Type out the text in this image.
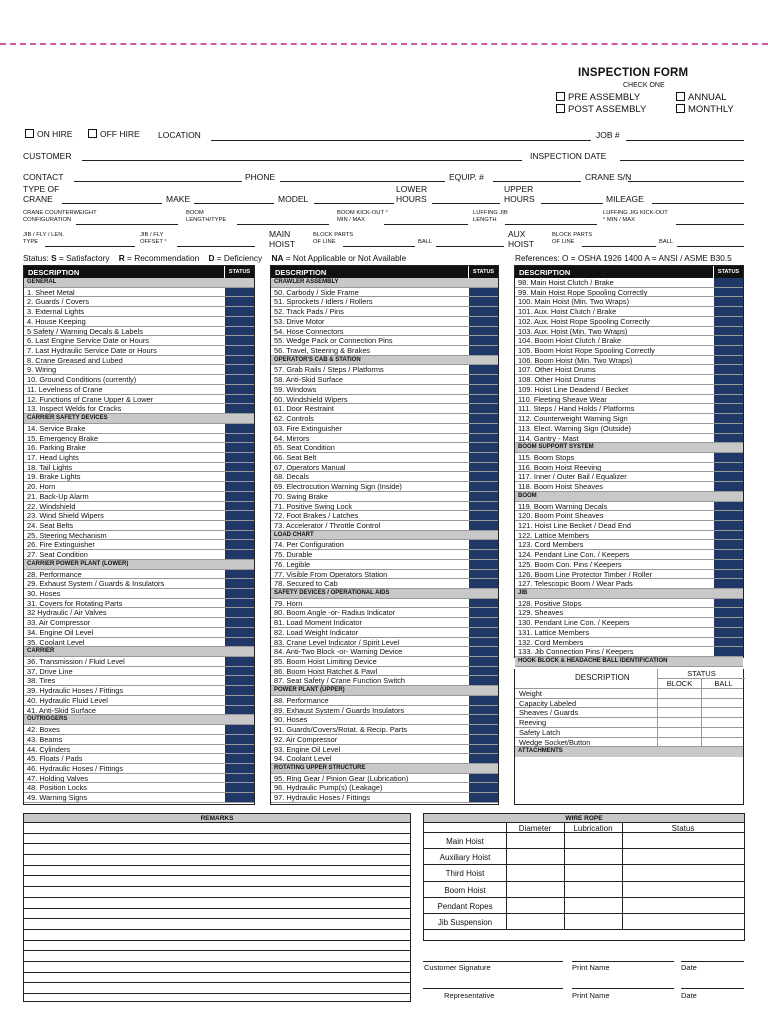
INSPECTION FORM
CHECK ONE
PRE ASSEMBLY	ANNUAL
POST ASSEMBLY	MONTHLY
ON HIRE	OFF HIRE LOCATION	JOB #
CUSTOMER	INSPECTION DATE
CONTACT	PHONE	EQUIP. #	CRANE S/N
TYPE OF
CRANE	MAKE	MODEL
LOWER
HOURS
UPPER
HOURS	MILEAGE
CRANE COUNTERWEIGHT
CONFIGURATION
BOOM
LENGTH/TYPE
BOOM KICK-OUT °
MIN / MAX
LUFFING JIB
LENGTH
LUFFING JIG KICK-OUT
° MIN / MAX
JIB / FLY / LEN.
TYPE
JIB / FLY
OFFSET °
MAIN
HOIST
BLOCK PARTS
OF LINE	BALL
AUX
HOIST
BLOCK PARTS
OF LINE	BALL
Status: S = Satisfactory R = Recommendation D = Deficiency NA = Not Applicable or Not Available	References: O = OSHA 1926 1400 A = ANSI / ASME B30.5
DESCRIPTION	STATUS
GENERAL
1. Sheet Metal
2. Guards / Covers
3. External Lights
4. House Keeping
5 Safety / Warning Decals & Labels
6. Last Engine Service Date or Hours
7. Last Hydraulic Service Date or Hours
8. Crane Greased and Lubed
9. Wiring
10. Ground Conditions (currently)
11. Levelness of Crane
12. Functions of Crane Upper & Lower
13. Inspect Welds for Cracks
CARRIER SAFETY DEVICES
14. Service Brake
15. Emergency Brake
16. Parking Brake
17. Head Lights
18. Tail Lights
19. Brake Lights
20. Horn
21. Back-Up Alarm
22. Windshield
23. Wind Shield Wipers
24. Seat Belts
25. Steering Mechanism
26. Fire Extinguisher
27. Seat Condition
CARRIER POWER PLANT (LOWER)
28. Performance
29. Exhaust System / Guards & Insulators
30. Hoses
31. Covers for Rotating Parts
32 Hydraulic / Air Valves
33. Air Compressor
34. Engine Oil Level
35. Coolant Level
CARRIER
36. Transmission / Fluid Level
37. Drive Line
38. Tires
39. Hydraulic Hoses / Fittings
40. Hydraulic Fluid Level
41. Anti-Skid Surface
OUTRIGGERS
42. Boxes
43. Beams
44. Cylinders
45. Floats / Pads
46. Hydraulic Hoses / Fittings
47. Holding Valves
48. Position Locks
49. Warning Signs
DESCRIPTION	STATUS
CRAWLER ASSEMBLY
50. Carbody / Side Frame
51. Sprockets / Idlers / Rollers
52. Track Pads / Pins
53. Drive Motor
54. Hose Connectors
55. Wedge Pack or Connection Pins
56. Travel, Steering & Brakes
OPERATOR'S CAB & STATION
57. Grab Rails / Steps / Platforms
58. Anti-Skid Surface
59. Windows
60. Windshield Wipers
61. Door Restraint
62. Controls
63. Fire Extinguisher
64. Mirrors
65. Seat Condition
66. Seat Belt
67. Operators Manual
68. Decals
69. Electrocution Warning Sign (Inside)
70. Swing Brake
71. Positive Swing Lock
72. Foot Brakes / Latches
73. Accelerator / Throttle Control
LOAD CHART
74. Per Configuration
75. Durable
76. Legible
77. Visible From Operators Station
78. Secured to Cab
SAFETY DEVICES / OPERATIONAL AIDS
79. Horn
80. Boom Angle -or- Radius Indicator
81. Load Moment Indicator
82. Load Weight Indicator
83. Crane Level Indicator / Spirit Level
84. Anti-Two Block -or- Warning Device
85. Boom Hoist Limiting Device
86. Boom Hoist Ratchet & Pawl
87. Seat Safety / Crane Function Switch
POWER PLANT (UPPER)
88. Performance
89. Exhaust System / Guards Insulators
90. Hoses
91. Guards/Covers/Rotat. & Recip. Parts
92. Air Compressor
93. Engine Oil Level
94. Coolant Level
ROTATING UPPER STRUCTURE
95. Ring Gear / Pinion Gear (Lubrication)
96. Hydraulic Pump(s) (Leakage)
97. Hydraulic Hoses / Fittings
DESCRIPTION	STATUS
98. Main Hoist Clutch / Brake
99. Main Hoist Rope Spooling Correctly
100. Main Hoist (Min. Two Wraps)
101. Aux. Hoist Clutch / Brake
102. Aux. Hoist Rope Spooling Correctly
103. Aux. Hoist (Min. Two Wraps)
104. Boom Hoist Clutch / Brake
105. Boom Hoist Rope Spooling Correctly
106. Boom Hoist (Min. Two Wraps)
107. Other Hoist Drums
108. Other Hoist Drums
109. Hoist Line Deadend / Becket
110. Fleeting Sheave Wear
111. Steps / Hand Holds / Platforms
112. Counterweight Warning Sign
113. Elect. Warning Sign (Outside)
114. Gantry - Mast
BOOM SUPPORT SYSTEM
115. Boom Stops
116. Boom Hoist Reeving
117. Inner / Outer Bail / Equalizer
118. Boom Hoist Sheaves
BOOM
119. Boom Warning Decals
120. Boom Point Sheaves
121. Hoist Line Becket / Dead End
122. Lattice Members
123. Cord Members
124. Pendant Line Con. / Keepers
125. Boom Con. Pins / Keepers
126. Boom Line Protector Timber / Roller
127. Telescopic Boom / Wear Pads
JIB
128. Positive Stops
129. Sheaves
130. Pendant Line Con. / Keepers
131. Lattice Members
132. Cord Members
133. Jib Connection Pins / Keepers
HOOK BLOCK & HEADACHE BALL IDENTIFICATION
DESCRIPTION	STATUS
BLOCK	BALL
Weight
Capacity Labeled
Sheaves / Guards
Reeving
Safety Latch
Wedge Socket/Button
ATTACHMENTS
REMARKS	WIRE ROPE
Diameter	Lubrication	Status
Main Hoist
Auxiliary Hoist
Third Hoist
Boom Hoist
Pendant Ropes
Jib Suspension
Customer Signature	Print Name	Date
Representative	Print Name	Date
